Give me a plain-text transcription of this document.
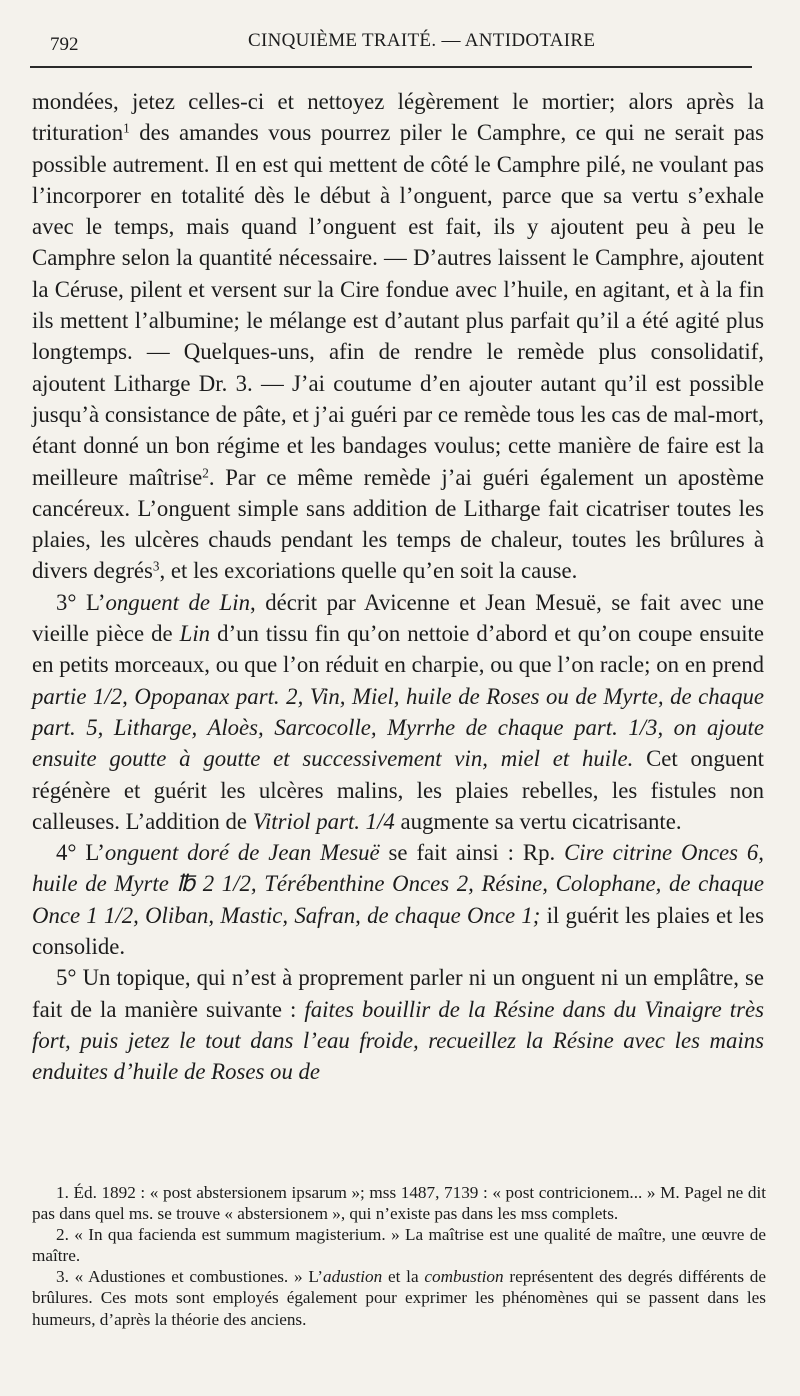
792	CINQUIÈME TRAITÉ. — ANTIDOTAIRE

mondées, jetez celles-ci et nettoyez légèrement le mortier; alors après la trituration$^1$ des amandes vous pourrez piler le Camphre, ce qui ne serait pas possible autrement. Il en est qui mettent de côté le Camphre pilé, ne voulant pas l’incorporer en totalité dès le début à l’onguent, parce que sa vertu s’exhale avec le temps, mais quand l’onguent est fait, ils y ajoutent peu à peu le Camphre selon la quantité nécessaire. — D’autres laissent le Camphre, ajoutent la Céruse, pilent et versent sur la Cire fondue avec l’huile, en agitant, et à la fin ils mettent l’albumine; le mélange est d’autant plus parfait qu’il a été agité plus longtemps. — Quelques-uns, afin de rendre le remède plus consolidatif, ajoutent Litharge Dr. 3. — J’ai coutume d’en ajouter autant qu’il est possible jusqu’à consistance de pâte, et j’ai guéri par ce remède tous les cas de mal-mort, étant donné un bon régime et les bandages voulus; cette manière de faire est la meilleure maîtrise$^2$. Par ce même remède j’ai guéri également un apostème cancéreux. L’onguent simple sans addition de Litharge fait cicatriser toutes les plaies, les ulcères chauds pendant les temps de chaleur, toutes les brûlures à divers degrés$^3$, et les excoriations quelle qu’en soit la cause.

3° L’onguent de Lin, décrit par Avicenne et Jean Mesuë, se fait avec une vieille pièce de Lin d’un tissu fin qu’on nettoie d’abord et qu’on coupe ensuite en petits morceaux, ou que l’on réduit en charpie, ou que l’on racle; on en prend partie 1/2, Opopanax part. 2, Vin, Miel, huile de Roses ou de Myrte, de chaque part. 5, Litharge, Aloès, Sarcocolle, Myrrhe de chaque part. 1/3, on ajoute ensuite goutte à goutte et successivement vin, miel et huile. Cet onguent régénère et guérit les ulcères malins, les plaies rebelles, les fistules non calleuses. L’addition de Vitriol part. 1/4 augmente sa vertu cicatrisante.

4° L’onguent doré de Jean Mesuë se fait ainsi : Rp. Cire citrine Onces 6, huile de Myrte ℔ 2 1/2, Térébenthine Onces 2, Résine, Colophane, de chaque Once 1 1/2, Oliban, Mastic, Safran, de chaque Once 1; il guérit les plaies et les consolide.

5° Un topique, qui n’est à proprement parler ni un onguent ni un emplâtre, se fait de la manière suivante : faites bouillir de la Résine dans du Vinaigre très fort, puis jetez le tout dans l’eau froide, recueillez la Résine avec les mains enduites d’huile de Roses ou de

1. Éd. 1892 : « post abstersionem ipsarum »; mss 1487, 7139 : « post contricionem... » M. Pagel ne dit pas dans quel ms. se trouve « abstersionem », qui n’existe pas dans les mss complets.

2. « In qua facienda est summum magisterium. » La maîtrise est une qualité de maître, une œuvre de maître.

3. « Adustiones et combustiones. » L’adustion et la combustion représentent des degrés différents de brûlures. Ces mots sont employés également pour exprimer les phénomènes qui se passent dans les humeurs, d’après la théorie des anciens.
